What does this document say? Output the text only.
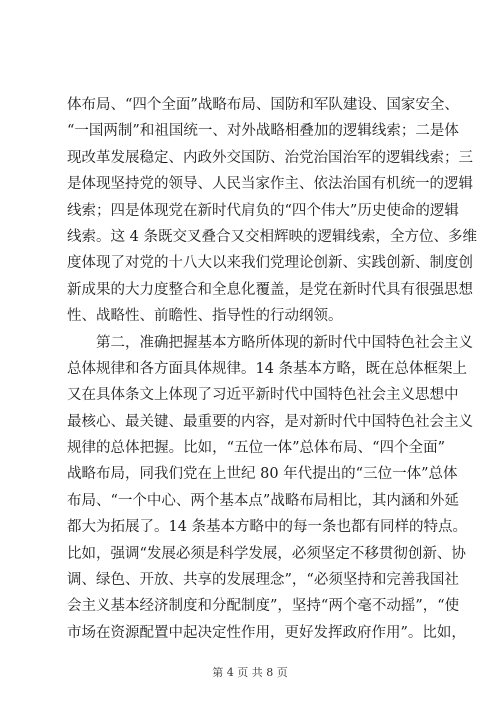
体布局、“四个全面”战略布局、国防和军队建设、国家安全、
“一国两制”和祖国统一、对外战略相叠加的逻辑线索；二是体
现改革发展稳定、内政外交国防、治党治国治军的逻辑线索；三
是体现坚持党的领导、人民当家作主、依法治国有机统一的逻辑
线索；四是体现党在新时代肩负的“四个伟大”历史使命的逻辑
线索。这 4 条既交叉叠合又交相辉映的逻辑线索，全方位、多维
度体现了对党的十八大以来我们党理论创新、实践创新、制度创
新成果的大力度整合和全息化覆盖，是党在新时代具有很强思想
性、战略性、前瞻性、指导性的行动纲领。
　　第二，准确把握基本方略所体现的新时代中国特色社会主义
总体规律和各方面具体规律。14 条基本方略，既在总体框架上
又在具体条文上体现了习近平新时代中国特色社会主义思想中
最核心、最关键、最重要的内容，是对新时代中国特色社会主义
规律的总体把握。比如，“五位一体”总体布局、“四个全面”
战略布局，同我们党在上世纪 80 年代提出的“三位一体”总体
布局、“一个中心、两个基本点”战略布局相比，其内涵和外延
都大为拓展了。14 条基本方略中的每一条也都有同样的特点。
比如，强调“发展必须是科学发展，必须坚定不移贯彻创新、协
调、绿色、开放、共享的发展理念”，“必须坚持和完善我国社
会主义基本经济制度和分配制度”，坚持“两个毫不动摇”，“使
市场在资源配置中起决定性作用，更好发挥政府作用”。比如，
第 4 页 共 8 页
